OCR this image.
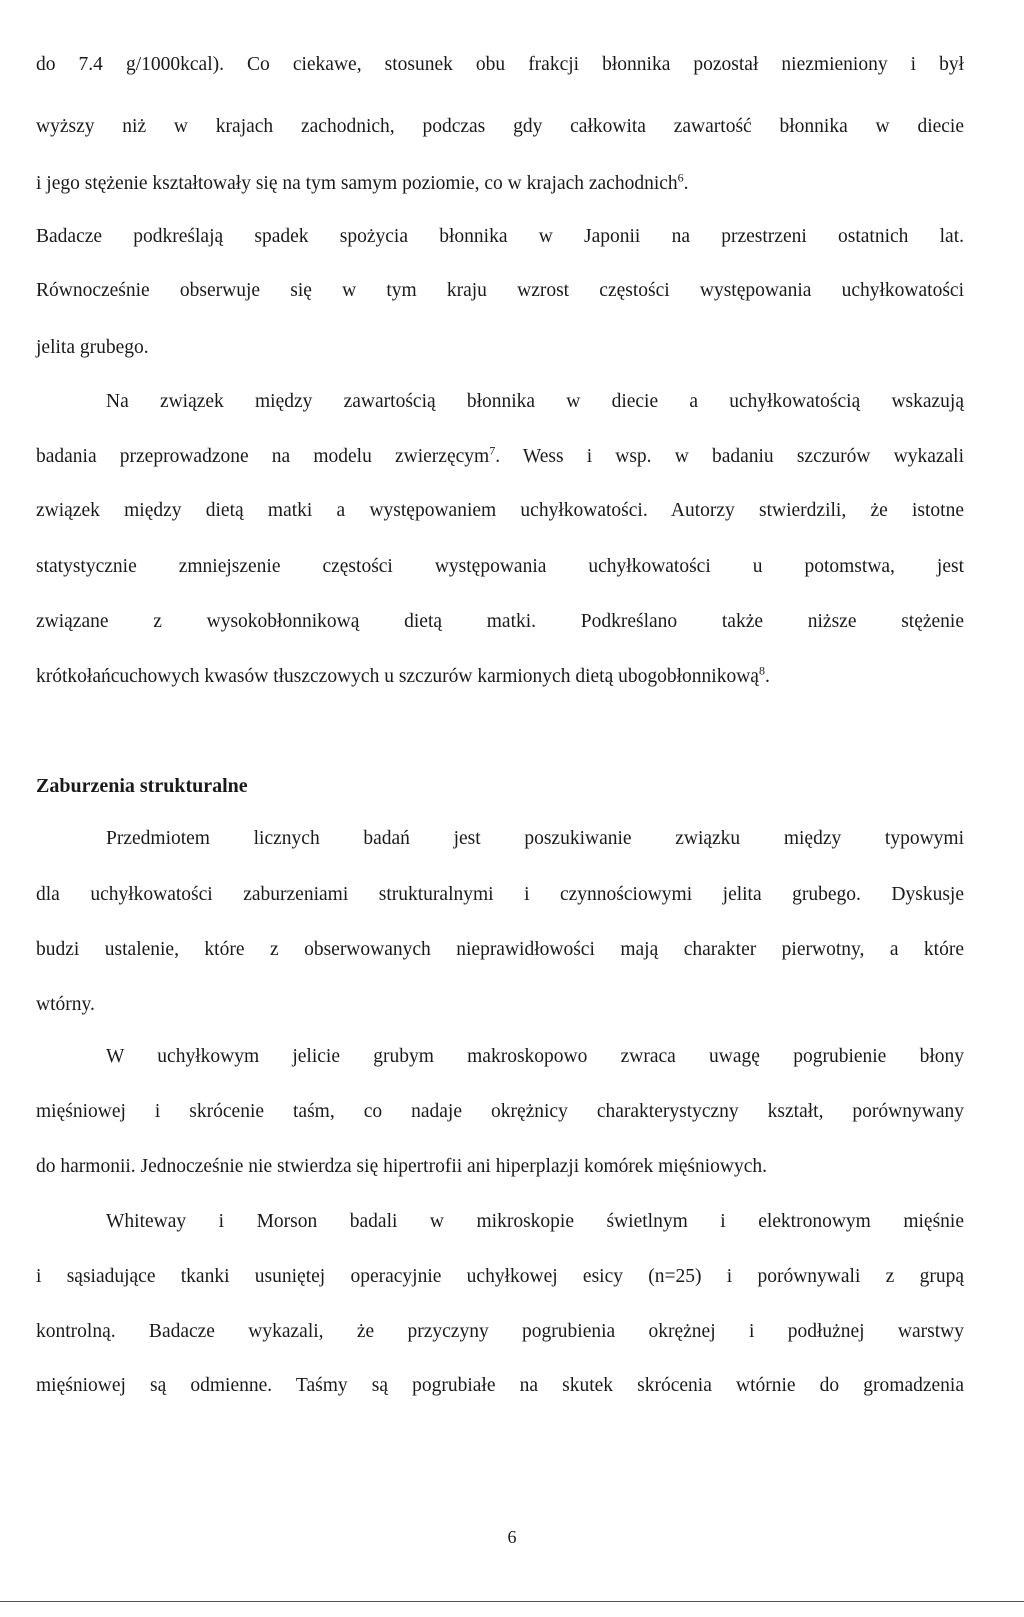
do 7.4 g/1000kcal). Co ciekawe, stosunek obu frakcji błonnika pozostał niezmieniony i był
wyższy niż w krajach zachodnich, podczas gdy całkowita zawartość błonnika w diecie
i jego stężenie kształtowały się na tym samym poziomie, co w krajach zachodnich$^6$.
Badacze podkreślają spadek spożycia błonnika w Japonii na przestrzeni ostatnich lat.
Równocześnie obserwuje się w tym kraju wzrost częstości występowania uchyłkowatości
jelita grubego.
Na związek między zawartością błonnika w diecie a uchyłkowatością wskazują
badania przeprowadzone na modelu zwierzęcym$^7$. Wess i wsp. w badaniu szczurów wykazali
związek między dietą matki a występowaniem uchyłkowatości. Autorzy stwierdzili, że istotne
statystycznie zmniejszenie częstości występowania uchyłkowatości u potomstwa, jest
związane z wysokobłonnikową dietą matki. Podkreślano także niższe stężenie
krótkołańcuchowych kwasów tłuszczowych u szczurów karmionych dietą ubogobłonnikową$^8$.
Zaburzenia strukturalne
Przedmiotem licznych badań jest poszukiwanie związku między typowymi
dla uchyłkowatości zaburzeniami strukturalnymi i czynnościowymi jelita grubego. Dyskusje
budzi ustalenie, które z obserwowanych nieprawidłowości mają charakter pierwotny, a które
wtórny.
W uchyłkowym jelicie grubym makroskopowo zwraca uwagę pogrubienie błony
mięśniowej i skrócenie taśm, co nadaje okrężnicy charakterystyczny kształt, porównywany
do harmonii. Jednocześnie nie stwierdza się hipertrofii ani hiperplazji komórek mięśniowych.
Whiteway i Morson badali w mikroskopie świetlnym i elektronowym mięśnie
i sąsiadujące tkanki usuniętej operacyjnie uchyłkowej esicy (n=25) i porównywali z grupą
kontrolną. Badacze wykazali, że przyczyny pogrubienia okrężnej i podłużnej warstwy
mięśniowej są odmienne. Taśmy są pogrubiałe na skutek skrócenia wtórnie do gromadzenia
6
